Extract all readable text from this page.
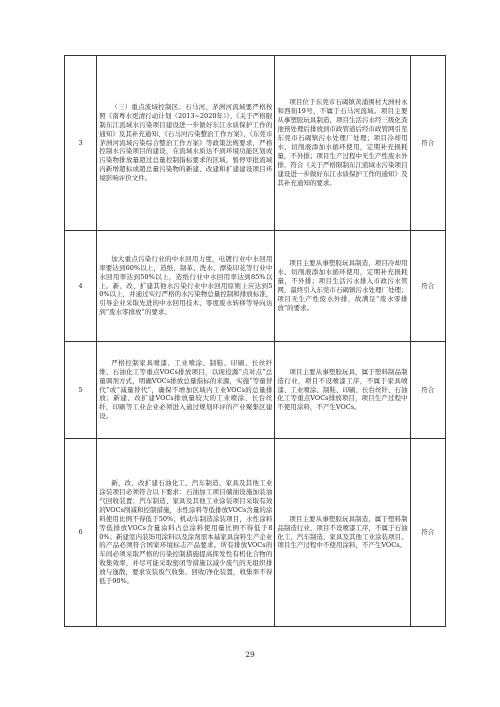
3	（三）重点流域控制区。石马河、茅洲河流域要严格按照《南粤水更清行动计划（2013~2020年）》、《关于严格限制东江流域水污染项目建设进一步做好东江水质保护工作的通知》及其补充通知、《石马河污染整治工作方案》、《东莞市茅洲河流域污染综合整治工作方案》等政策法规要求，严格控制水污染项目的建设，在流域水质达不到环境功能区划或污染物排放量超过总量控制指标要求的区域，暂停审批流域内新增超标或超总量污染物的新建、改建和扩建建设项目环境影响评价文件。	项目位于东莞市石碣镇黄涌围村大洲村永和西街19号，不属于石马河流域。项目主要从事塑胶玩具制造，项目生活污水经三级化粪池预处理后排放到市政管道后经市政管网引至东莞市石碣镇污水处理厂处理；项目冷却用水，切削液添加水循环使用，定期补充损耗量，不外排；项目生产过程中无生产性废水外排，符合《关于严格限制东江流域水污染项目建设进一步做好东江水质保护工作的通知》及其补充通知的要求。	符合
4	加大重点污染行业的中水回用力度，电镀行业中水回用率要达到60%以上，造纸、制革、洗水、漂染印花等行业中水回用率达到50%以上，造纸行业中水回用率达到85%以上。新、改、扩建其他水污染行业中水回用原则上应达到50%以上，并通过实行严格的水污染物总量控制和排放标准，引导企业采取先进的中水回用技术、零度废水转移等导向达到“废水零排放”的要求。	项目主要从事塑胶玩具制造，项目冷却用水、切削液添加水循环使用，定期补充损耗量，不外排；项目生活污水排入市政污水管网，最终引入东莞市石碣镇污水处理厂处理；项目无生产性废水外排，故满足“废水零排放”的要求。	符合
5	严格控制家具喷漆、工业喷涂、制鞋、印刷、长丝纤维、石油化工等重点VOCs排放项目，以现役源“点对点”总量调剂方式，明确VOCs排放总量指标的来源，实施“等量替代”或“减量替代”，确保不增加区域内工业VOCs的总量排放；新建、改扩建VOCs排放量较大的工业喷涂、长台丝纤，印刷等工业企业必须进入通过规划环评的产业聚集区建设。	项目主要从事塑胶玩具，属于塑料制品制造行业，项目不设喷漆工序，不属于家具喷漆、工业喷涂、制鞋、印刷、长台丝纤、石油化工等重点VOCs排放项目，项目生产过程中不使用涂料，不产生VOCs。	符合
6	新、改、改扩建石油化工、汽车制造、家具及其他工业涂装项目必须符合以下要求：石油加工项目储油设施加装油气回收装置；汽车制造、家具及其他工业涂装项目采取有效的VOCs削减和控制措施，水性涂料等低排放VOCs含量的涂料使用比例不得低于50%；机动车制造涂装项目，水性涂料等低排放VOCs含量涂料占总涂料使用量比例不得低于80%；新建室内装饰用涂料以及涂剂需本基家具涂料生产企业的产品必须符合国家环境标志产品要求。所有排放VOCs的车间必须采取严格的污染控制措施提高挥发性有机化合物的收集效率，并尽可能采取密闭等措施以减少废气的无组织排放与逸散，要求安装废气收集、回收/净化装置，收集率不得低于90%。	项目主要从事塑胶玩具制造，属于塑料制品制造行业，项目不设喷漆工序，不属于石油化工、汽车制造、家具及其他工业涂装项目。项目生产过程中不使用涂料，不产生VOCs。	符合
29
